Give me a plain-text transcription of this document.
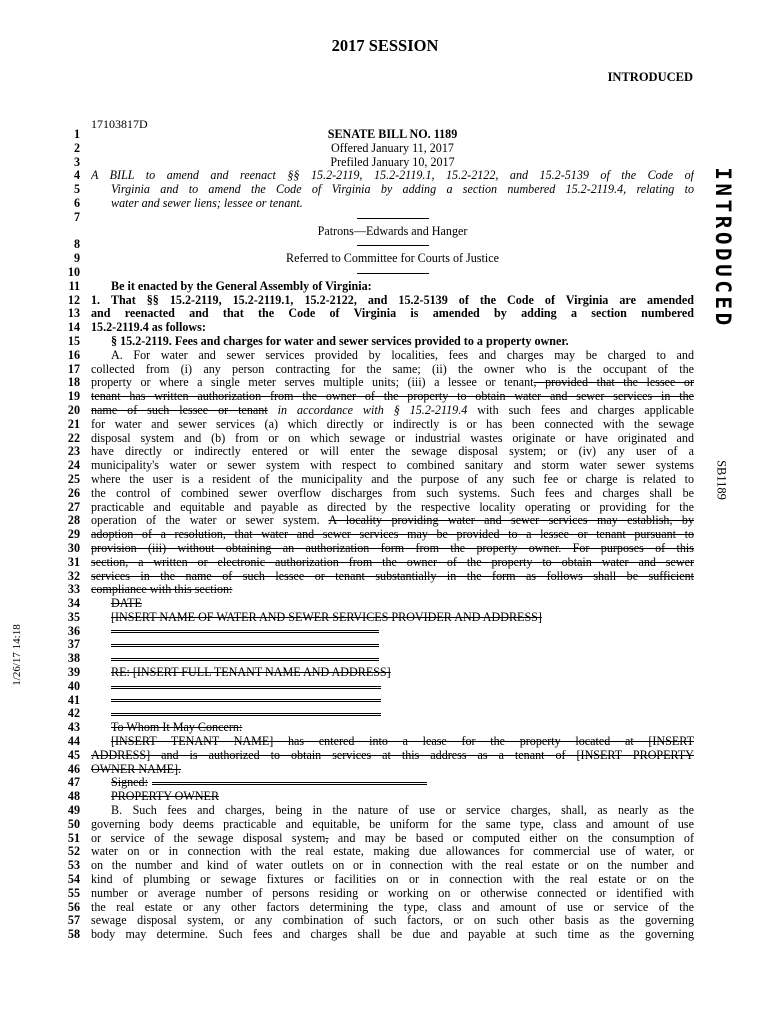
2017 SESSION
INTRODUCED
17103817D
INTRODUCED
SB1189
1/26/17 14:18
1	SENATE BILL NO. 1189
2	Offered January 11, 2017
3	Prefiled January 10, 2017
4 A BILL to amend and reenact §§ 15.2-2119, 15.2-2119.1, 15.2-2122, and 15.2-5139 of the Code of
5	Virginia and to amend the Code of Virginia by adding a section numbered 15.2-2119.4, relating to
6	water and sewer liens; lessee or tenant.
7
Patrons—Edwards and Hanger
8
9	Referred to Committee for Courts of Justice
10
11	Be it enacted by the General Assembly of Virginia:
12 1. That §§ 15.2-2119, 15.2-2119.1, 15.2-2122, and 15.2-5139 of the Code of Virginia are amended
13 and reenacted and that the Code of Virginia is amended by adding a section numbered
14 15.2-2119.4 as follows:
15	§ 15.2-2119. Fees and charges for water and sewer services provided to a property owner.
16	A. For water and sewer services provided by localities, fees and charges may be charged to and
17 collected from (i) any person contracting for the same; (ii) the owner who is the occupant of the
18 property or where a single meter serves multiple units; (iii) a lessee or tenant, provided that the lessee or
19 tenant has written authorization from the owner of the property to obtain water and sewer services in the
20 name of such lessee or tenant in accordance with § 15.2-2119.4 with such fees and charges applicable
21 for water and sewer services (a) which directly or indirectly is or has been connected with the sewage
22 disposal system and (b) from or on which sewage or industrial wastes originate or have originated and
23 have directly or indirectly entered or will enter the sewage disposal system; or (iv) any user of a
24 municipality's water or sewer system with respect to combined sanitary and storm water sewer systems
25 where the user is a resident of the municipality and the purpose of any such fee or charge is related to
26 the control of combined sewer overflow discharges from such systems. Such fees and charges shall be
27 practicable and equitable and payable as directed by the respective locality operating or providing for the
28 operation of the water or sewer system. A locality providing water and sewer services may establish, by
29 adoption of a resolution, that water and sewer services may be provided to a lessee or tenant pursuant to
30 provision (iii) without obtaining an authorization form from the property owner. For purposes of this
31 section, a written or electronic authorization from the owner of the property to obtain water and sewer
32 services in the name of such lessee or tenant substantially in the form as follows shall be sufficient
33 compliance with this section:
34	DATE
35	[INSERT NAME OF WATER AND SEWER SERVICES PROVIDER AND ADDRESS]
36
37
38
39	RE: [INSERT FULL TENANT NAME AND ADDRESS]
40
41
42
43	To Whom It May Concern:
44	[INSERT TENANT NAME] has entered into a lease for the property located at [INSERT
45 ADDRESS] and is authorized to obtain services at this address as a tenant of [INSERT PROPERTY
46 OWNER NAME].
47	Signed:
48	PROPERTY OWNER
49	B. Such fees and charges, being in the nature of use or service charges, shall, as nearly as the
50 governing body deems practicable and equitable, be uniform for the same type, class and amount of use
51 or service of the sewage disposal system, and may be based or computed either on the consumption of
52 water on or in connection with the real estate, making due allowances for commercial use of water, or
53 on the number and kind of water outlets on or in connection with the real estate or on the number and
54 kind of plumbing or sewage fixtures or facilities on or in connection with the real estate or on the
55 number or average number of persons residing or working on or otherwise connected or identified with
56 the real estate or any other factors determining the type, class and amount of use or service of the
57 sewage disposal system, or any combination of such factors, or on such other basis as the governing
58 body may determine. Such fees and charges shall be due and payable at such time as the governing
